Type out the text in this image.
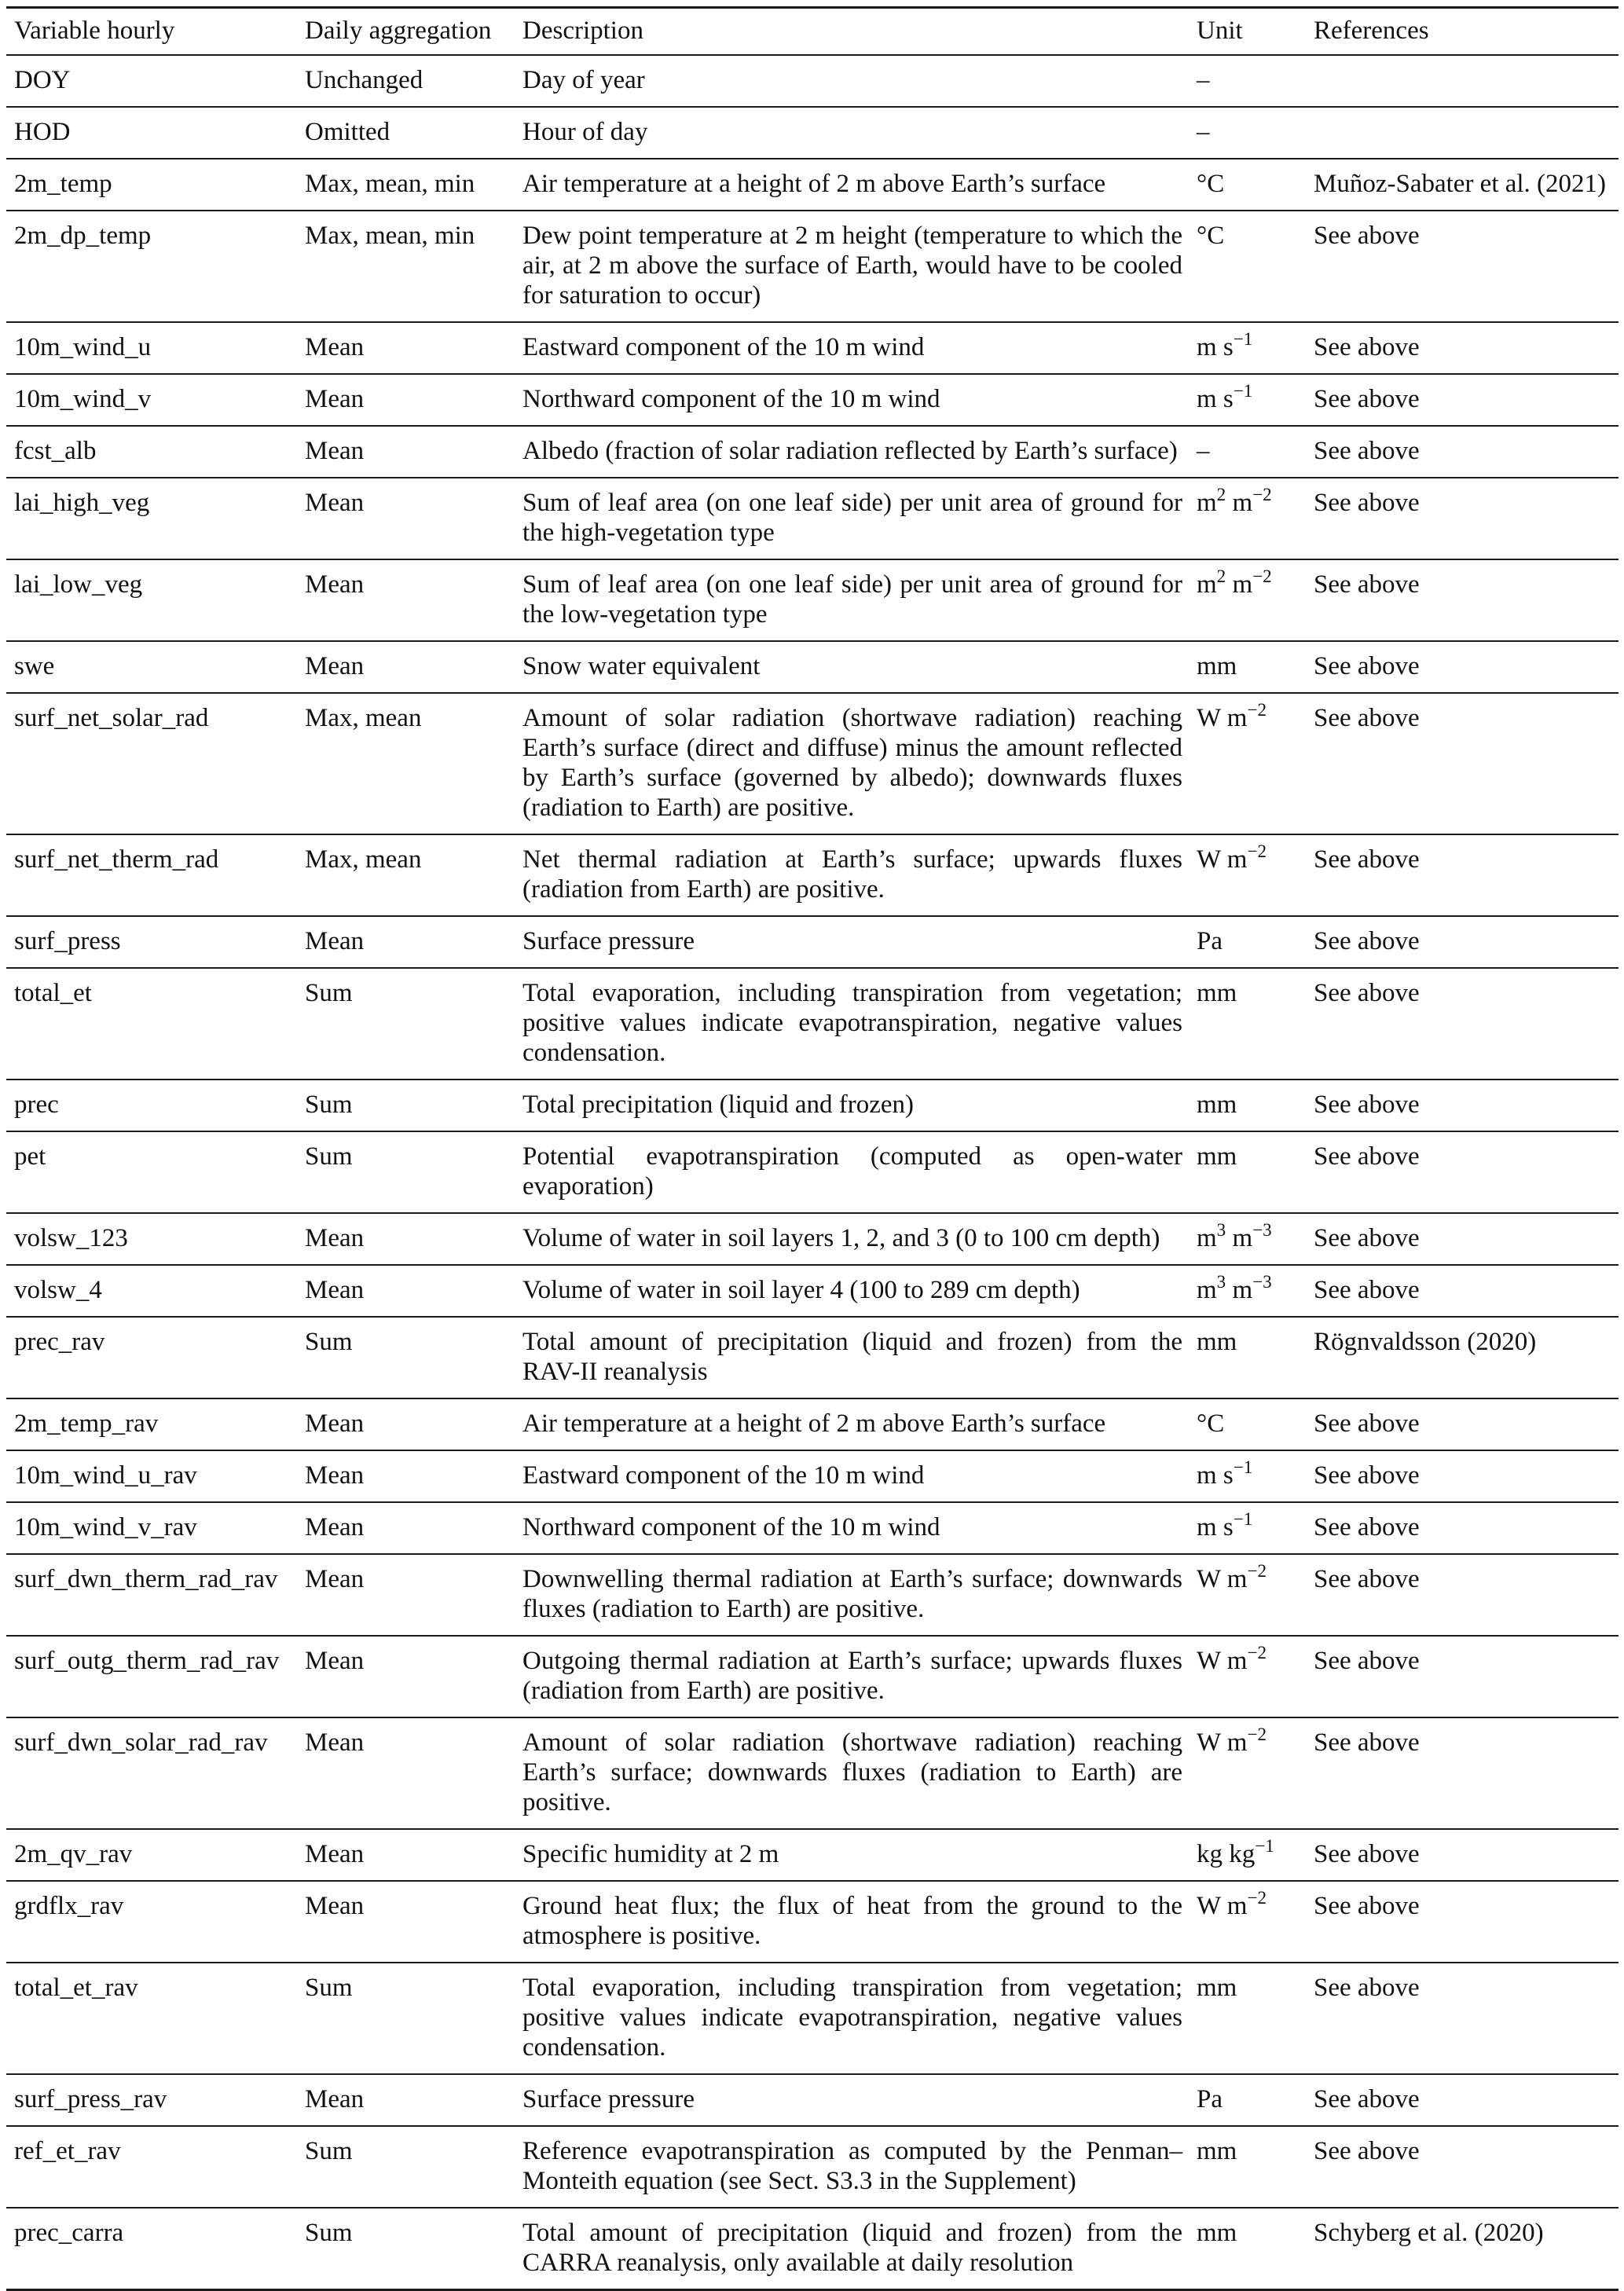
Variable hourly	Daily aggregation	Description	Unit	References
DOY	Unchanged	Day of year	–	
HOD	Omitted	Hour of day	–	
2m_temp	Max, mean, min	Air temperature at a height of 2 m above Earth’s surface	°C	Muñoz-Sabater et al. (2021)
2m_dp_temp	Max, mean, min	Dew point temperature at 2 m height (temperature to which the air, at 2 m above the surface of Earth, would have to be cooled for saturation to occur)	°C	See above
10m_wind_u	Mean	Eastward component of the 10 m wind	m $s^{-1}$	See above
10m_wind_v	Mean	Northward component of the 10 m wind	m $s^{-1}$	See above
fcst_alb	Mean	Albedo (fraction of solar radiation reflected by Earth’s surface)	–	See above
lai_high_veg	Mean	Sum of leaf area (on one leaf side) per unit area of ground for the high-vegetation type	$m^2$ $m^{-2}$	See above
lai_low_veg	Mean	Sum of leaf area (on one leaf side) per unit area of ground for the low-vegetation type	$m^2$ $m^{-2}$	See above
swe	Mean	Snow water equivalent	mm	See above
surf_net_solar_rad	Max, mean	Amount of solar radiation (shortwave radiation) reaching Earth’s surface (direct and diffuse) minus the amount reflected by Earth’s surface (governed by albedo); downwards fluxes (radiation to Earth) are positive.	W $m^{-2}$	See above
surf_net_therm_rad	Max, mean	Net thermal radiation at Earth’s surface; upwards fluxes (radiation from Earth) are positive.	W $m^{-2}$	See above
surf_press	Mean	Surface pressure	Pa	See above
total_et	Sum	Total evaporation, including transpiration from vegetation; positive values indicate evapotranspiration, negative values condensation.	mm	See above
prec	Sum	Total precipitation (liquid and frozen)	mm	See above
pet	Sum	Potential evapotranspiration (computed as open-water evaporation)	mm	See above
volsw_123	Mean	Volume of water in soil layers 1, 2, and 3 (0 to 100 cm depth)	$m^3$ $m^{-3}$	See above
volsw_4	Mean	Volume of water in soil layer 4 (100 to 289 cm depth)	$m^3$ $m^{-3}$	See above
prec_rav	Sum	Total amount of precipitation (liquid and frozen) from the RAV-II reanalysis	mm	Rögnvaldsson (2020)
2m_temp_rav	Mean	Air temperature at a height of 2 m above Earth’s surface	°C	See above
10m_wind_u_rav	Mean	Eastward component of the 10 m wind	m $s^{-1}$	See above
10m_wind_v_rav	Mean	Northward component of the 10 m wind	m $s^{-1}$	See above
surf_dwn_therm_rad_rav	Mean	Downwelling thermal radiation at Earth’s surface; downwards fluxes (radiation to Earth) are positive.	W $m^{-2}$	See above
surf_outg_therm_rad_rav	Mean	Outgoing thermal radiation at Earth’s surface; upwards fluxes (radiation from Earth) are positive.	W $m^{-2}$	See above
surf_dwn_solar_rad_rav	Mean	Amount of solar radiation (shortwave radiation) reaching Earth’s surface; downwards fluxes (radiation to Earth) are positive.	W $m^{-2}$	See above
2m_qv_rav	Mean	Specific humidity at 2 m	kg $kg^{-1}$	See above
grdflx_rav	Mean	Ground heat flux; the flux of heat from the ground to the atmosphere is positive.	W $m^{-2}$	See above
total_et_rav	Sum	Total evaporation, including transpiration from vegetation; positive values indicate evapotranspiration, negative values condensation.	mm	See above
surf_press_rav	Mean	Surface pressure	Pa	See above
ref_et_rav	Sum	Reference evapotranspiration as computed by the Penman–Monteith equation (see Sect. S3.3 in the Supplement)	mm	See above
prec_carra	Sum	Total amount of precipitation (liquid and frozen) from the CARRA reanalysis, only available at daily resolution	mm	Schyberg et al. (2020)
